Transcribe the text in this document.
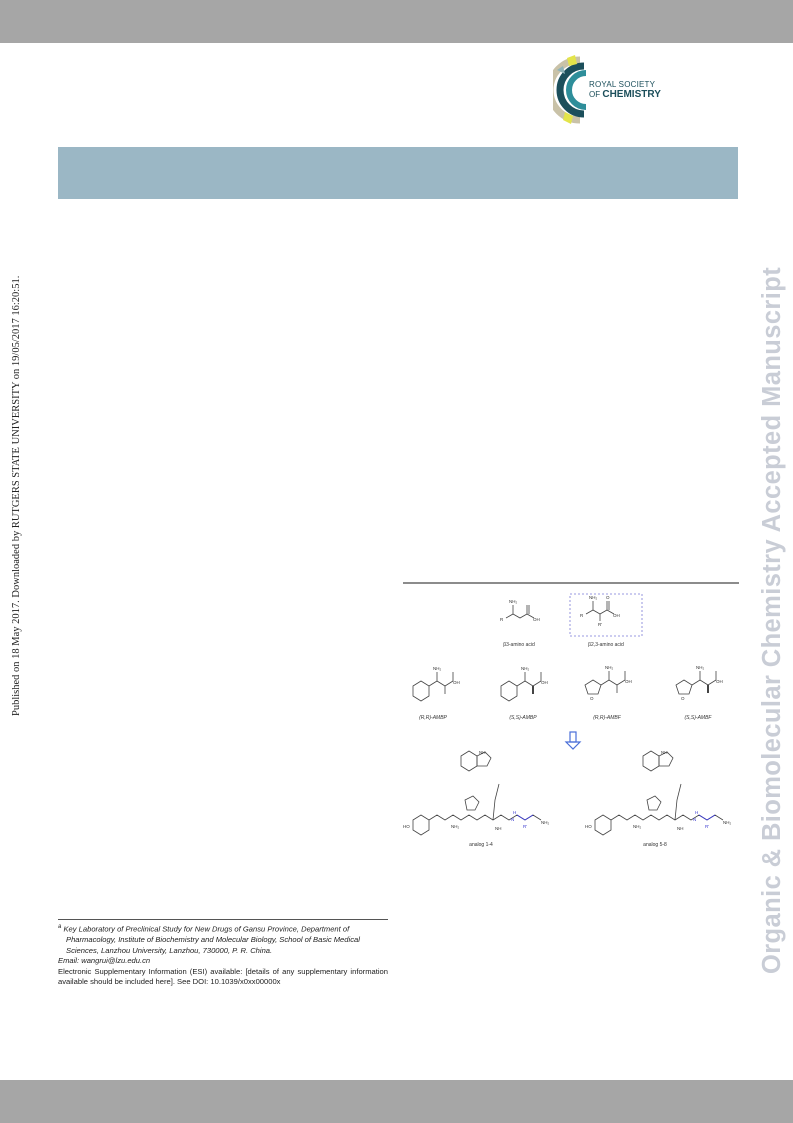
ROYAL SOCIETY
OF CHEMISTRY
Published on 18 May 2017. Downloaded by RUTGERS STATE UNIVERSITY on 19/05/2017 16:20:51.	Organic & Biomolecular Chemistry Accepted Manuscript
NH₂
OH
R
NH₂
OH
R
R'
O
NH₂
OH
NH₂
OH
NH₂
OH
O
NH₂
OH
O
NH
HO	NH₂	NH
NH₂
NH
HO	NH₂	NH
NH₂
H
N
R'
H
N
R'
β3-amino acid	β2,3-amino acid
(R,R)-AMBP	(S,S)-AMBP	(R,R)-AMBF	(S,S)-AMBF
analog 1-4	analog 5-8
$^a$ Key Laboratory of Preclinical Study for New Drugs of Gansu Province, Department of Pharmacology, Institute of Biochemistry and Molecular Biology, School of Basic Medical Sciences, Lanzhou University, Lanzhou, 730000, P. R. China.
Email: wangrui@lzu.edu.cn
Electronic Supplementary Information (ESI) available: [details of any supplementary information available should be included here]. See DOI: 10.1039/x0xx00000x
